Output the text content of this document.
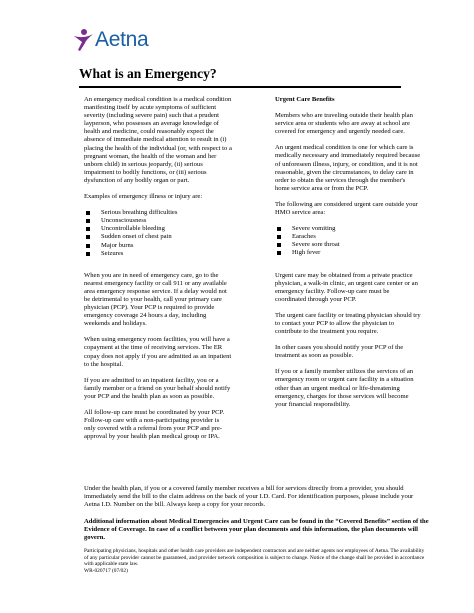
Aetna
What is an Emergency?

An emergency medical condition is a medical condition manifesting itself by acute symptoms of sufficient severity (including severe pain) such that a prudent layperson, who possesses an average knowledge of health and medicine, could reasonably expect the absence of immediate medical attention to result in (i) placing the health of the individual (or, with respect to a pregnant woman, the health of the woman and her unborn child) in serious jeopardy, (ii) serious impairment to bodily functions, or (iii) serious dysfunction of any bodily organ or part.

Examples of emergency illness or injury are:

Serious breathing difficulties
Unconsciousness
Uncontrollable bleeding
Sudden onset of chest pain
Major burns
Seizures

When you are in need of emergency care, go to the nearest emergency facility or call 911 or any available area emergency response service. If a delay would not be detrimental to your health, call your primary care physician (PCP). Your PCP is required to provide emergency coverage 24 hours a day, including weekends and holidays.

When using emergency room facilities, you will have a copayment at the time of receiving services. The ER copay does not apply if you are admitted as an inpatient to the hospital.

If you are admitted to an inpatient facility, you or a family member or a friend on your behalf should notify your PCP and the health plan as soon as possible.

All follow-up care must be coordinated by your PCP. Follow-up care with a non-participating provider is only covered with a referral from your PCP and pre-approval by your health plan medical group or IPA.

Urgent Care Benefits

Members who are traveling outside their health plan service area or students who are away at school are covered for emergency and urgently needed care.

An urgent medical condition is one for which care is medically necessary and immediately required because of unforeseen illness, injury, or condition, and it is not reasonable, given the circumstances, to delay care in order to obtain the services through the member's home service area or from the PCP.

The following are considered urgent care outside your HMO service area:

Severe vomiting
Earaches
Severe sore throat
High fever

Urgent care may be obtained from a private practice physician, a walk-in clinic, an urgent care center or an emergency facility. Follow-up care must be coordinated through your PCP.

The urgent care facility or treating physician should try to contact your PCP to allow the physician to contribute to the treatment you require.

In other cases you should notify your PCP of the treatment as soon as possible.

If you or a family member utilizes the services of an emergency room or urgent care facility in a situation other than an urgent medical or life-threatening emergency, charges for those services will become your financial responsibility.

Under the health plan, if you or a covered family member receives a bill for services directly from a provider, you should immediately send the bill to the claim address on the back of your I.D. Card. For identification purposes, please include your Aetna I.D. Number on the bill. Always keep a copy for your records.

Additional information about Medical Emergencies and Urgent Care can be found in the “Covered Benefits” section of the Evidence of Coverage. In case of a conflict between your plan documents and this information, the plan documents will govern.

Participating physicians, hospitals and other health care providers are independent contractors and are neither agents nor employees of Aetna. The availability of any particular provider cannot be guaranteed, and provider network composition is subject to change. Notice of the change shall be provided in accordance with applicable state law.

WR-020717 (07/02)
